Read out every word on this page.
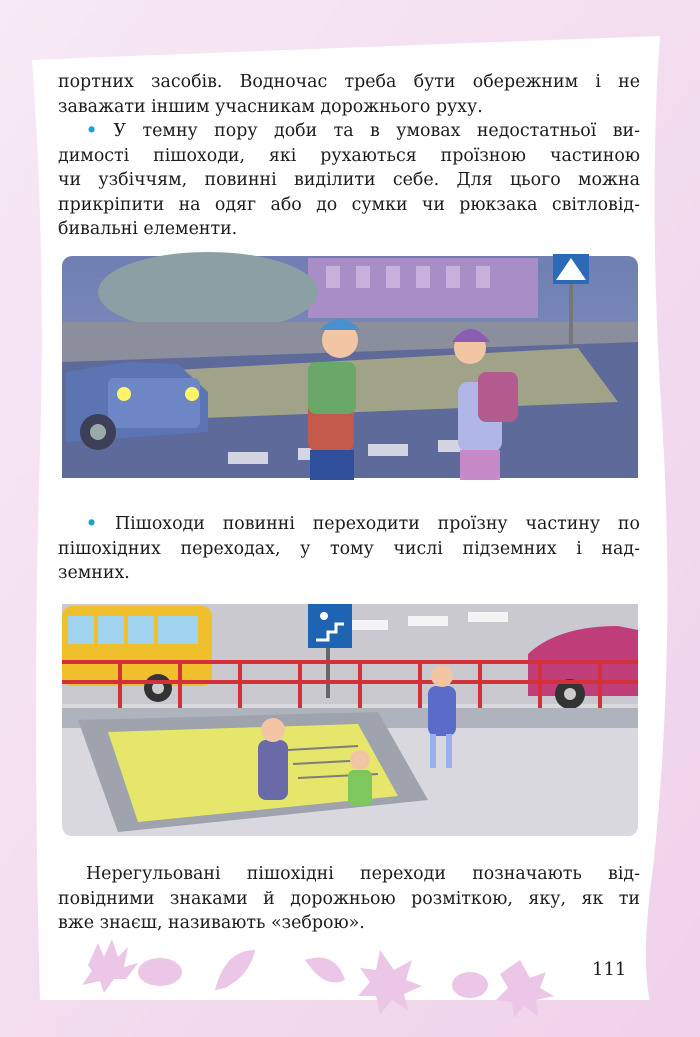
портних засобів. Водночас треба бути обережним і не
заважати іншим учасникам дорожнього руху.
• У темну пору доби та в умовах недостатньої ви-
димості пішоходи, які рухаються проїзною частиною
чи узбіччям, повинні виділити себе. Для цього можна
прикріпити на одяг або до сумки чи рюкзака світловід-
бивальні елементи.
• Пішоходи повинні переходити проїзну частину по
пішохідних переходах, у тому числі підземних і над-
земних.
Нерегульовані пішохідні переходи позначають від-
повідними знаками й дорожньою розміткою, яку, як ти
вже знаєш, називають «зеброю».
111
